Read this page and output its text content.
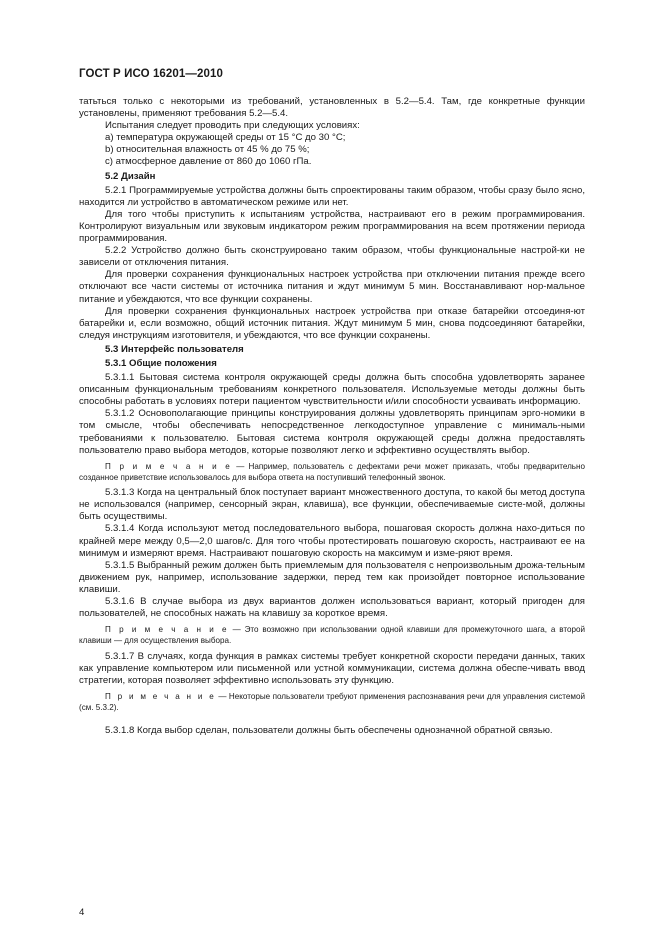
ГОСТ Р ИСО 16201—2010

татьться только с некоторыми из требований, установленных в 5.2—5.4. Там, где конкретные функции установлены, применяют требования 5.2—5.4.

Испытания следует проводить при следующих условиях:

a) температура окружающей среды от 15 °С до 30 °С;

b) относительная влажность от 45 % до 75 %;

c) атмосферное давление от 860 до 1060 гПа.

5.2 Дизайн

5.2.1 Программируемые устройства должны быть спроектированы таким образом, чтобы сразу было ясно, находится ли устройство в автоматическом режиме или нет.

Для того чтобы приступить к испытаниям устройства, настраивают его в режим программирования. Контролируют визуальным или звуковым индикатором режим программирования на всем протяжении периода программирования.

5.2.2 Устройство должно быть сконструировано таким образом, чтобы функциональные настрой-ки не зависели от отключения питания.

Для проверки сохранения функциональных настроек устройства при отключении питания прежде всего отключают все части системы от источника питания и ждут минимум 5 мин. Восстанавливают нор-мальное питание и убеждаются, что все функции сохранены.

Для проверки сохранения функциональных настроек устройства при отказе батарейки отсоединя-ют батарейки и, если возможно, общий источник питания. Ждут минимум 5 мин, снова подсоединяют батарейки, следуя инструкциям изготовителя, и убеждаются, что все функции сохранены.

5.3 Интерфейс пользователя

5.3.1 Общие положения

5.3.1.1 Бытовая система контроля окружающей среды должна быть способна удовлетворять заранее описанным функциональным требованиям конкретного пользователя. Используемые методы должны быть способны работать в условиях потери пациентом чувствительности и/или способности усваивать информацию.

5.3.1.2 Основополагающие принципы конструирования должны удовлетворять принципам эрго-номики в том смысле, чтобы обеспечивать непосредственное легкодоступное управление с минималь-ными требованиями к пользователю. Бытовая система контроля окружающей среды должна предоставлять пользователю право выбора методов, которые позволяют легко и эффективно осуществлять выбор.

П р и м е ч а н и е — Например, пользователь с дефектами речи может приказать, чтобы предварительно созданное приветствие использовалось для выбора ответа на поступивший телефонный звонок.

5.3.1.3 Когда на центральный блок поступает вариант множественного доступа, то какой бы метод доступа не использовался (например, сенсорный экран, клавиша), все функции, обеспечиваемые систе-мой, должны быть осуществимы.

5.3.1.4 Когда используют метод последовательного выбора, пошаговая скорость должна нахо-диться по крайней мере между 0,5—2,0 шагов/с. Для того чтобы протестировать пошаговую скорость, настраивают ее на минимум и измеряют время. Настраивают пошаговую скорость на максимум и изме-ряют время.

5.3.1.5 Выбранный режим должен быть приемлемым для пользователя с непроизвольным дрожа-тельным движением рук, например, использование задержки, перед тем как произойдет повторное использование клавиши.

5.3.1.6 В случае выбора из двух вариантов должен использоваться вариант, который пригоден для пользователей, не способных нажать на клавишу за короткое время.

П р и м е ч а н и е — Это возможно при использовании одной клавиши для промежуточного шага, а второй клавиши — для осуществления выбора.

5.3.1.7 В случаях, когда функция в рамках системы требует конкретной скорости передачи данных, таких как управление компьютером или письменной или устной коммуникации, система должна обеспе-чивать ввод стратегии, которая позволяет эффективно использовать эту функцию.

П р и м е ч а н и е — Некоторые пользователи требуют применения распознавания речи для управления системой (см. 5.3.2).

5.3.1.8 Когда выбор сделан, пользователи должны быть обеспечены однозначной обратной связью.

4
